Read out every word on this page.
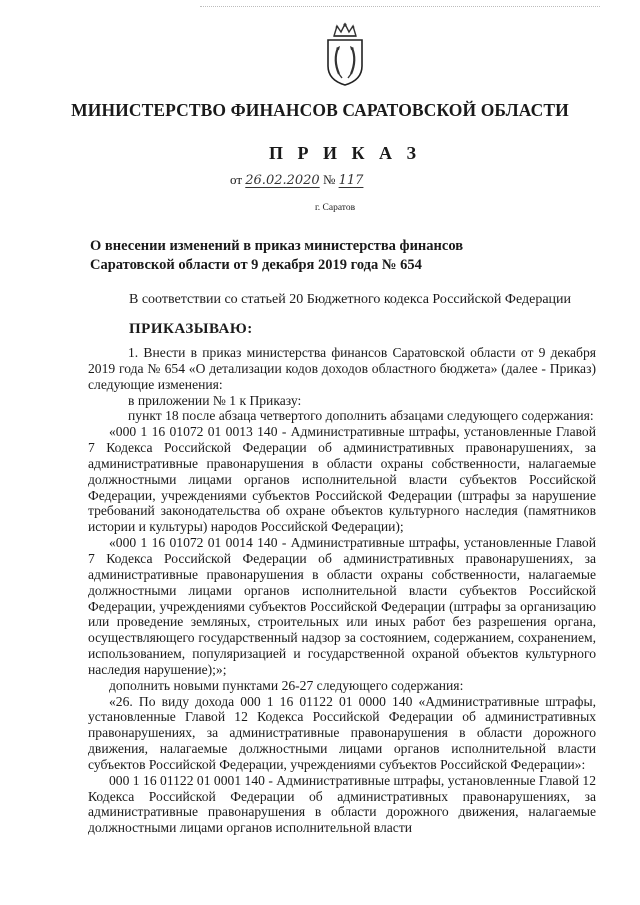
МИНИСТЕРСТВО ФИНАНСОВ САРАТОВСКОЙ ОБЛАСТИ
П Р И К А З
от 26.02.2020 № 117
г. Саратов
О внесении изменений в приказ министерства финансов
Саратовской области от 9 декабря 2019 года № 654
В соответствии со статьей 20 Бюджетного кодекса Российской Федерации
ПРИКАЗЫВАЮ:

1. Внести в приказ министерства финансов Саратовской области от 9 декабря 2019 года № 654 «О детализации кодов доходов областного бюджета» (далее - Приказ) следующие изменения:

в приложении № 1 к Приказу:

пункт 18 после абзаца четвертого дополнить абзацами следующего содержания:

«000 1 16 01072 01 0013 140 - Административные штрафы, установленные Главой 7 Кодекса Российской Федерации об административных правонарушениях, за административные правонарушения в области охраны собственности, налагаемые должностными лицами органов исполнительной власти субъектов Российской Федерации, учреждениями субъектов Российской Федерации (штрафы за нарушение требований законодательства об охране объектов культурного наследия (памятников истории и культуры) народов Российской Федерации);

«000 1 16 01072 01 0014 140 - Административные штрафы, установленные Главой 7 Кодекса Российской Федерации об административных правонарушениях, за административные правонарушения в области охраны собственности, налагаемые должностными лицами органов исполнительной власти субъектов Российской Федерации, учреждениями субъектов Российской Федерации (штрафы за организацию или проведение земляных, строительных или иных работ без разрешения органа, осуществляющего государственный надзор за состоянием, содержанием, сохранением, использованием, популяризацией и государственной охраной объектов культурного наследия нарушение);»;

дополнить новыми пунктами 26-27 следующего содержания:

«26. По виду дохода 000 1 16 01122 01 0000 140 «Административные штрафы, установленные Главой 12 Кодекса Российской Федерации об административных правонарушениях, за административные правонарушения в области дорожного движения, налагаемые должностными лицами органов исполнительной власти субъектов Российской Федерации, учреждениями субъектов Российской Федерации»:

000 1 16 01122 01 0001 140 - Административные штрафы, установленные Главой 12 Кодекса Российской Федерации об административных правонарушениях, за административные правонарушения в области дорожного движения, налагаемые должностными лицами органов исполнительной власти
